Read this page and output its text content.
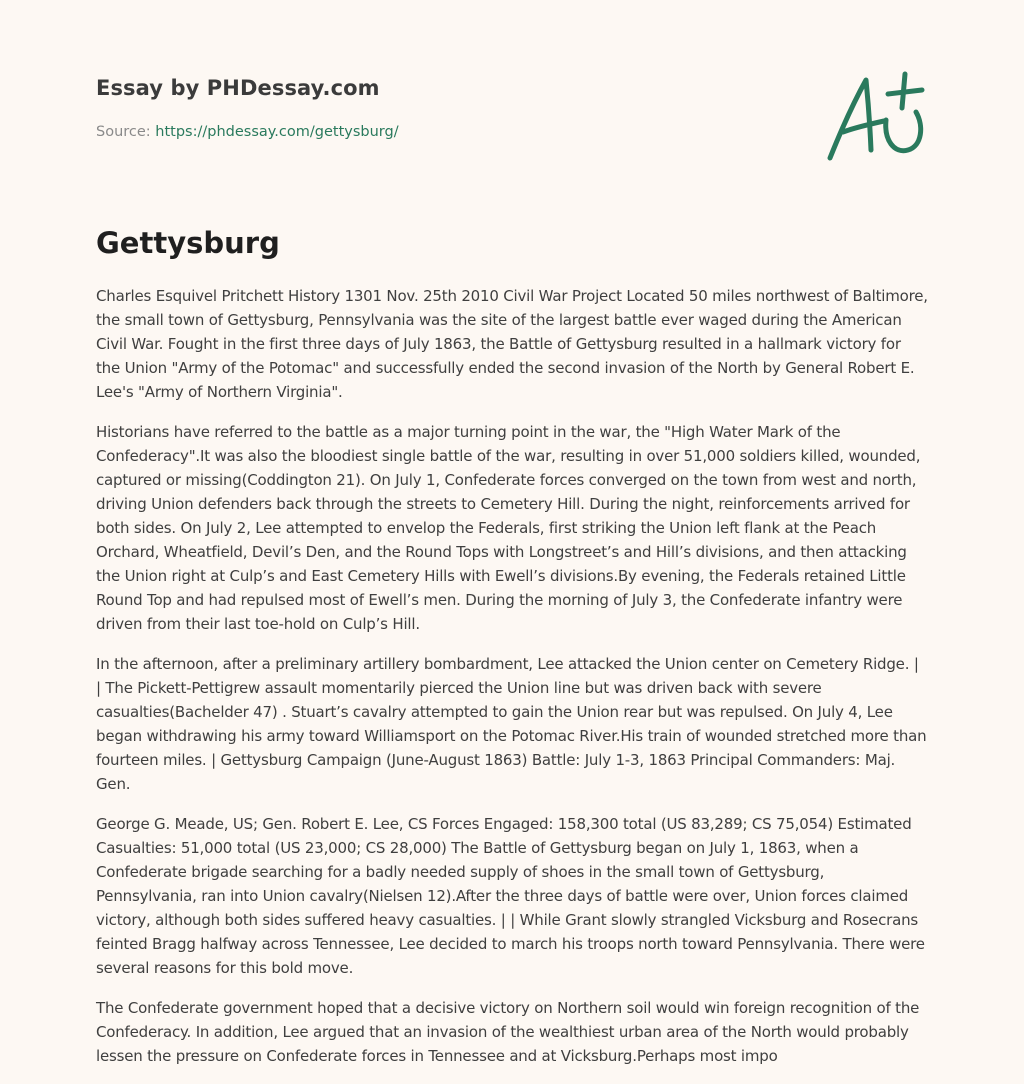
Essay by PHDessay.com
Source: https://phdessay.com/gettysburg/
Gettysburg

Charles Esquivel Pritchett History 1301 Nov. 25th 2010 Civil War Project Located 50 miles northwest of Baltimore, the small town of Gettysburg, Pennsylvania was the site of the largest battle ever waged during the American Civil War. Fought in the first three days of July 1863, the Battle of Gettysburg resulted in a hallmark victory for the Union "Army of the Potomac" and successfully ended the second invasion of the North by General Robert E. Lee's "Army of Northern Virginia".

Historians have referred to the battle as a major turning point in the war, the "High Water Mark of the Confederacy".It was also the bloodiest single battle of the war, resulting in over 51,000 soldiers killed, wounded, captured or missing(Coddington 21). On July 1, Confederate forces converged on the town from west and north, driving Union defenders back through the streets to Cemetery Hill. During the night, reinforcements arrived for both sides. On July 2, Lee attempted to envelop the Federals, first striking the Union left flank at the Peach Orchard, Wheatfield, Devil’s Den, and the Round Tops with Longstreet’s and Hill’s divisions, and then attacking the Union right at Culp’s and East Cemetery Hills with Ewell’s divisions.By evening, the Federals retained Little Round Top and had repulsed most of Ewell’s men. During the morning of July 3, the Confederate infantry were driven from their last toe-hold on Culp’s Hill.

In the afternoon, after a preliminary artillery bombardment, Lee attacked the Union center on Cemetery Ridge. | | The Pickett-Pettigrew assault momentarily pierced the Union line but was driven back with severe casualties(Bachelder 47) . Stuart’s cavalry attempted to gain the Union rear but was repulsed. On July 4, Lee began withdrawing his army toward Williamsport on the Potomac River.His train of wounded stretched more than fourteen miles. | Gettysburg Campaign (June-August 1863) Battle: July 1-3, 1863 Principal Commanders: Maj. Gen.

George G. Meade, US; Gen. Robert E. Lee, CS Forces Engaged: 158,300 total (US 83,289; CS 75,054) Estimated Casualties: 51,000 total (US 23,000; CS 28,000) The Battle of Gettysburg began on July 1, 1863, when a Confederate brigade searching for a badly needed supply of shoes in the small town of Gettysburg, Pennsylvania, ran into Union cavalry(Nielsen 12).After the three days of battle were over, Union forces claimed victory, although both sides suffered heavy casualties. | | While Grant slowly strangled Vicksburg and Rosecrans feinted Bragg halfway across Tennessee, Lee decided to march his troops north toward Pennsylvania. There were several reasons for this bold move.

The Confederate government hoped that a decisive victory on Northern soil would win foreign recognition of the Confederacy. In addition, Lee argued that an invasion of the wealthiest urban area of the North would probably lessen the pressure on Confederate forces in Tennessee and at Vicksburg.Perhaps most impo
